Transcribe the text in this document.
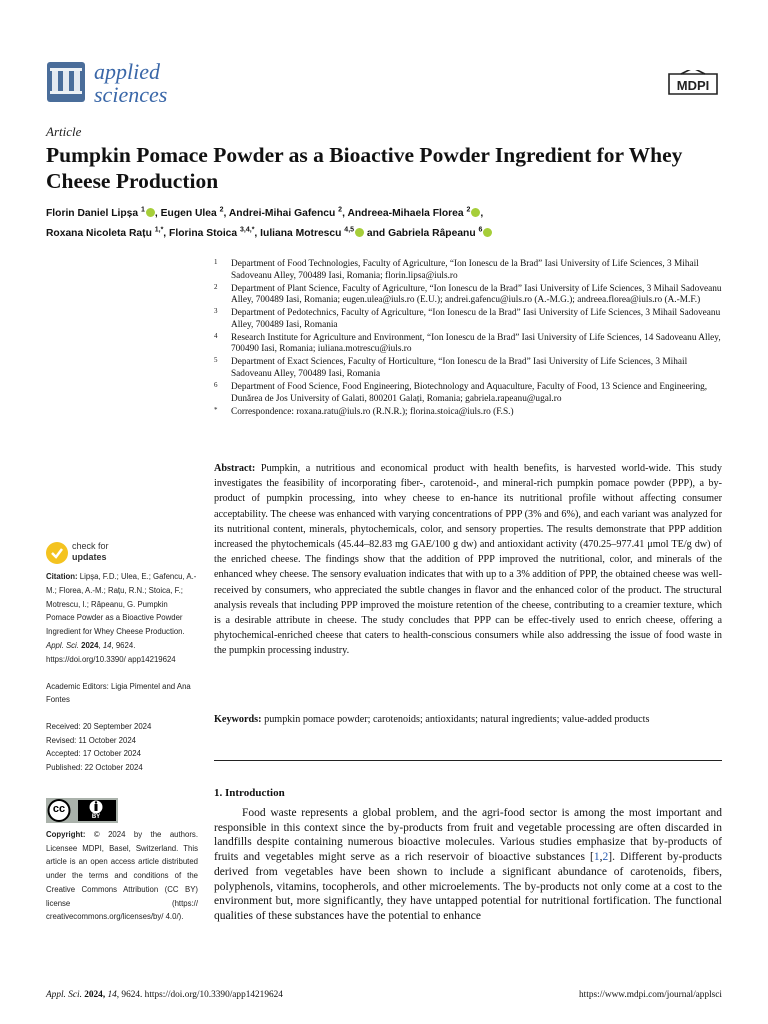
applied
sciences	MDPI
Article
Pumpkin Pomace Powder as a Bioactive Powder Ingredient for Whey Cheese Production
Florin Daniel Lipșa $^1$ , Eugen Ulea $^2$, Andrei-Mihai Gafencu $^2$, Andreea-Mihaela Florea $^2$ ,
Roxana Nicoleta Rațu $^{1,*}$, Florina Stoica $^{3,4,*}$, Iuliana Motrescu $^{4,5}$ and Gabriela Râpeanu $^6$
1 Department of Food Technologies, Faculty of Agriculture, “Ion Ionescu de la Brad” Iasi University of Life Sciences, 3 Mihail Sadoveanu Alley, 700489 Iasi, Romania; florin.lipsa@iuls.ro
2 Department of Plant Science, Faculty of Agriculture, “Ion Ionescu de la Brad” Iasi University of Life Sciences, 3 Mihail Sadoveanu Alley, 700489 Iasi, Romania; eugen.ulea@iuls.ro (E.U.); andrei.gafencu@iuls.ro (A.-M.G.); andreea.florea@iuls.ro (A.-M.F.)
3 Department of Pedotechnics, Faculty of Agriculture, “Ion Ionescu de la Brad” Iasi University of Life Sciences, 3 Mihail Sadoveanu Alley, 700489 Iasi, Romania
4 Research Institute for Agriculture and Environment, “Ion Ionescu de la Brad” Iasi University of Life Sciences, 14 Sadoveanu Alley, 700490 Iasi, Romania; iuliana.motrescu@iuls.ro
5 Department of Exact Sciences, Faculty of Horticulture, “Ion Ionescu de la Brad” Iasi University of Life Sciences, 3 Mihail Sadoveanu Alley, 700489 Iasi, Romania
6 Department of Food Science, Food Engineering, Biotechnology and Aquaculture, Faculty of Food, 13 Science and Engineering, Dunărea de Jos University of Galati, 800201 Galați, Romania; gabriela.rapeanu@ugal.ro
* Correspondence: roxana.ratu@iuls.ro (R.N.R.); florina.stoica@iuls.ro (F.S.)
Abstract: Pumpkin, a nutritious and economical product with health benefits, is harvested world-wide. This study investigates the feasibility of incorporating fiber-, carotenoid-, and mineral-rich pumpkin pomace powder (PPP), a by-product of pumpkin processing, into whey cheese to en-hance its nutritional profile without affecting consumer acceptability. The cheese was enhanced with varying concentrations of PPP (3% and 6%), and each variant was analyzed for its nutritional content, minerals, phytochemicals, color, and sensory properties. The results demonstrate that PPP addition increased the phytochemicals (45.44–82.83 mg GAE/100 g dw) and antioxidant activity (470.25–977.41 μmol TE/g dw) of the enriched cheese. The findings show that the addition of PPP improved the nutritional, color, and minerals of the enhanced whey cheese. The sensory evaluation indicates that with up to a 3% addition of PPP, the obtained cheese was well-received by consumers, who appreciated the subtle changes in flavor and the enhanced color of the product. The structural analysis reveals that including PPP improved the moisture retention of the cheese, contributing to a creamier texture, which is a desirable attribute in cheese. The study concludes that PPP can be effec-tively used to enrich cheese, offering a phytochemical-enriched cheese that caters to health-conscious consumers while also addressing the issue of food waste in the pumpkin processing industry.
Keywords: pumpkin pomace powder; carotenoids; antioxidants; natural ingredients; value-added products
1. Introduction
Food waste represents a global problem, and the agri-food sector is among the most important and responsible in this context since the by-products from fruit and vegetable processing are often discarded in landfills despite containing numerous bioactive molecules. Various studies emphasize that by-products of fruits and vegetables might serve as a rich reservoir of bioactive substances [1,2]. Different by-products derived from vegetables have been shown to include a significant abundance of carotenoids, fibers, polyphenols, vitamins, tocopherols, and other microelements. The by-products not only come at a cost to the environment but, more significantly, they have untapped potential for nutritional fortification. The functional qualities of these substances have the potential to enhance
check for
updates
Citation: Lipșa, F.D.; Ulea, E.; Gafencu, A.-M.; Florea, A.-M.; Rațu, R.N.; Stoica, F.; Motrescu, I.; Râpeanu, G. Pumpkin Pomace Powder as a Bioactive Powder Ingredient for Whey Cheese Production. Appl. Sci. 2024, 14, 9624. https://doi.org/10.3390/ app14219624
Academic Editors: Ligia Pimentel and Ana Fontes
Received: 20 September 2024
Revised: 11 October 2024
Accepted: 17 October 2024
Published: 22 October 2024
cc
BY
Copyright: © 2024 by the authors. Licensee MDPI, Basel, Switzerland. This article is an open access article distributed under the terms and conditions of the Creative Commons Attribution (CC BY) license (https:// creativecommons.org/licenses/by/ 4.0/).
Appl. Sci. 2024, 14, 9624. https://doi.org/10.3390/app14219624	https://www.mdpi.com/journal/applsci
